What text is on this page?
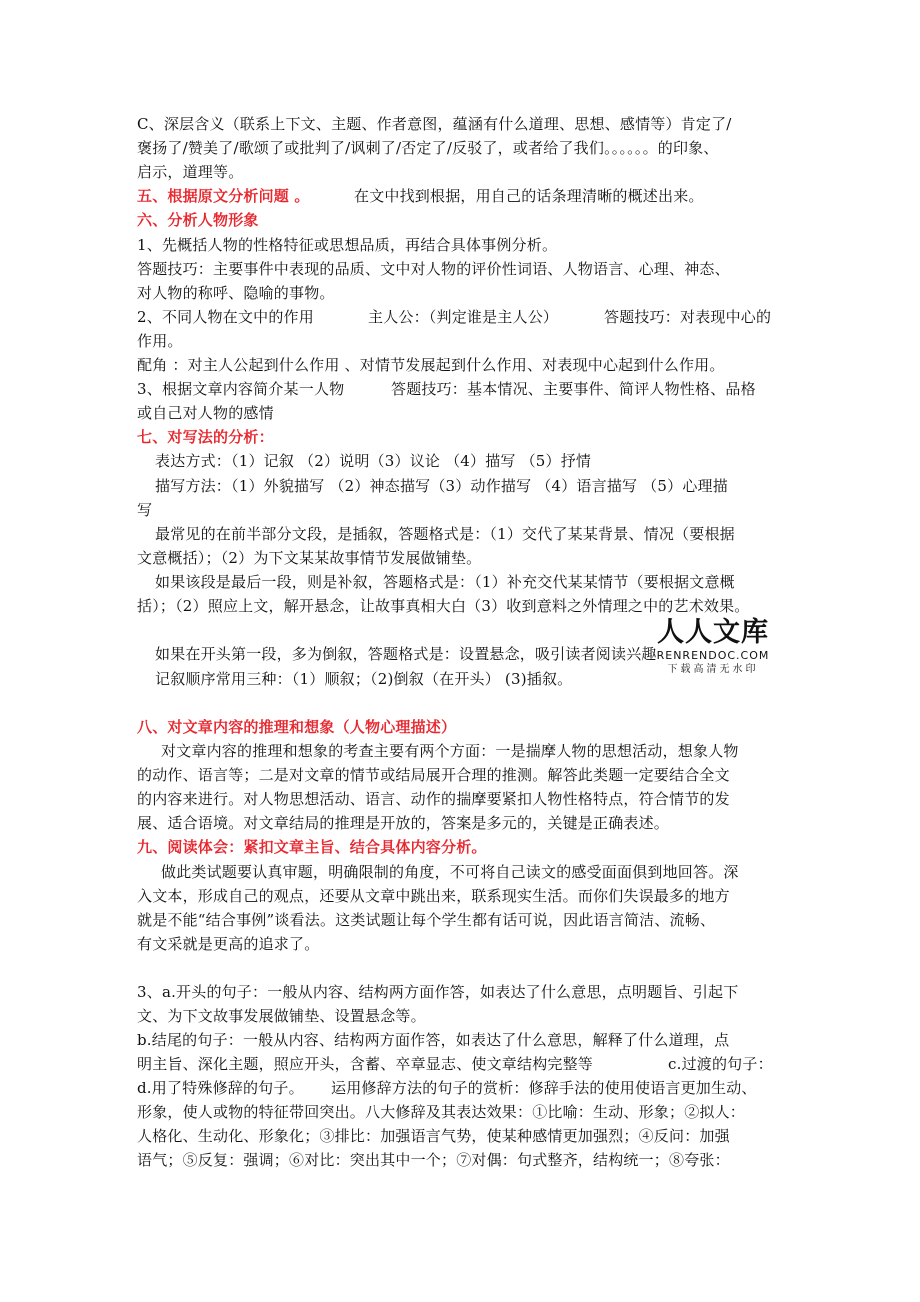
C、深层含义（联系上下文、主题、作者意图，蕴涵有什么道理、思想、感情等）肯定了/
褒扬了/赞美了/歌颂了或批判了/讽刺了/否定了/反驳了，或者给了我们。。。。。。的印象、
启示，道理等。
五、根据原文分析问题 。	在文中找到根据，用自己的话条理清晰的概述出来。
六、分析人物形象
1、先概括人物的性格特征或思想品质，再结合具体事例分析。
答题技巧：主要事件中表现的品质、文中对人物的评价性词语、人物语言、心理、神态、
对人物的称呼、隐喻的事物。
2、不同人物在文中的作用	主人公：（判定谁是主人公）	答题技巧：对表现中心的
作用。
配角 ：对主人公起到什么作用 、对情节发展起到什么作用、对表现中心起到什么作用。
3、根据文章内容简介某一人物	答题技巧：基本情况、主要事件、简评人物性格、品格
或自己对人物的感情
七、对写法的分析：
表达方式：（1）记叙 （2）说明（3）议论 （4）描写 （5）抒情
描写方法：（1）外貌描写 （2）神态描写（3）动作描写 （4）语言描写 （5）心理描
写
最常见的在前半部分文段，是插叙，答题格式是：（1）交代了某某背景、情况（要根据
文意概括）；（2）为下文某某故事情节发展做铺垫。
如果该段是最后一段，则是补叙，答题格式是：（1）补充交代某某情节（要根据文意概
括）；（2）照应上文，解开悬念，让故事真相大白（3）收到意料之外情理之中的艺术效果。
如果在开头第一段，多为倒叙，答题格式是：设置悬念，吸引读者阅读兴趣
记叙顺序常用三种：（1）顺叙；（2)倒叙（在开头） (3)插叙。
人人文库
RENRENDOC.COM
下载高清无水印
八、对文章内容的推理和想象（人物心理描述）
对文章内容的推理和想象的考查主要有两个方面：一是揣摩人物的思想活动，想象人物
的动作、语言等；二是对文章的情节或结局展开合理的推测。解答此类题一定要结合全文
的内容来进行。对人物思想活动、语言、动作的揣摩要紧扣人物性格特点，符合情节的发
展、适合语境。对文章结局的推理是开放的，答案是多元的，关键是正确表述。
九、阅读体会：紧扣文章主旨、结合具体内容分析。
做此类试题要认真审题，明确限制的角度，不可将自己读文的感受面面俱到地回答。深
入文本，形成自己的观点，还要从文章中跳出来，联系现实生活。而你们失误最多的地方
就是不能“结合事例”谈看法。这类试题让每个学生都有话可说，因此语言简洁、流畅、
有文采就是更高的追求了。
3、a.开头的句子：一般从内容、结构两方面作答，如表达了什么意思，点明题旨、引起下
文、为下文故事发展做铺垫、设置悬念等。
b.结尾的句子：一般从内容、结构两方面作答，如表达了什么意思，解释了什么道理，点
明主旨、深化主题，照应开头，含蓄、卒章显志、使文章结构完整等	c.过渡的句子：
d.用了特殊修辞的句子。 运用修辞方法的句子的赏析：修辞手法的使用使语言更加生动、
形象，使人或物的特征带回突出。八大修辞及其表达效果：①比喻：生动、形象；②拟人：
人格化、生动化、形象化；③排比：加强语言气势，使某种感情更加强烈；④反问：加强
语气；⑤反复：强调；⑥对比：突出其中一个；⑦对偶：句式整齐，结构统一；⑧夸张：
